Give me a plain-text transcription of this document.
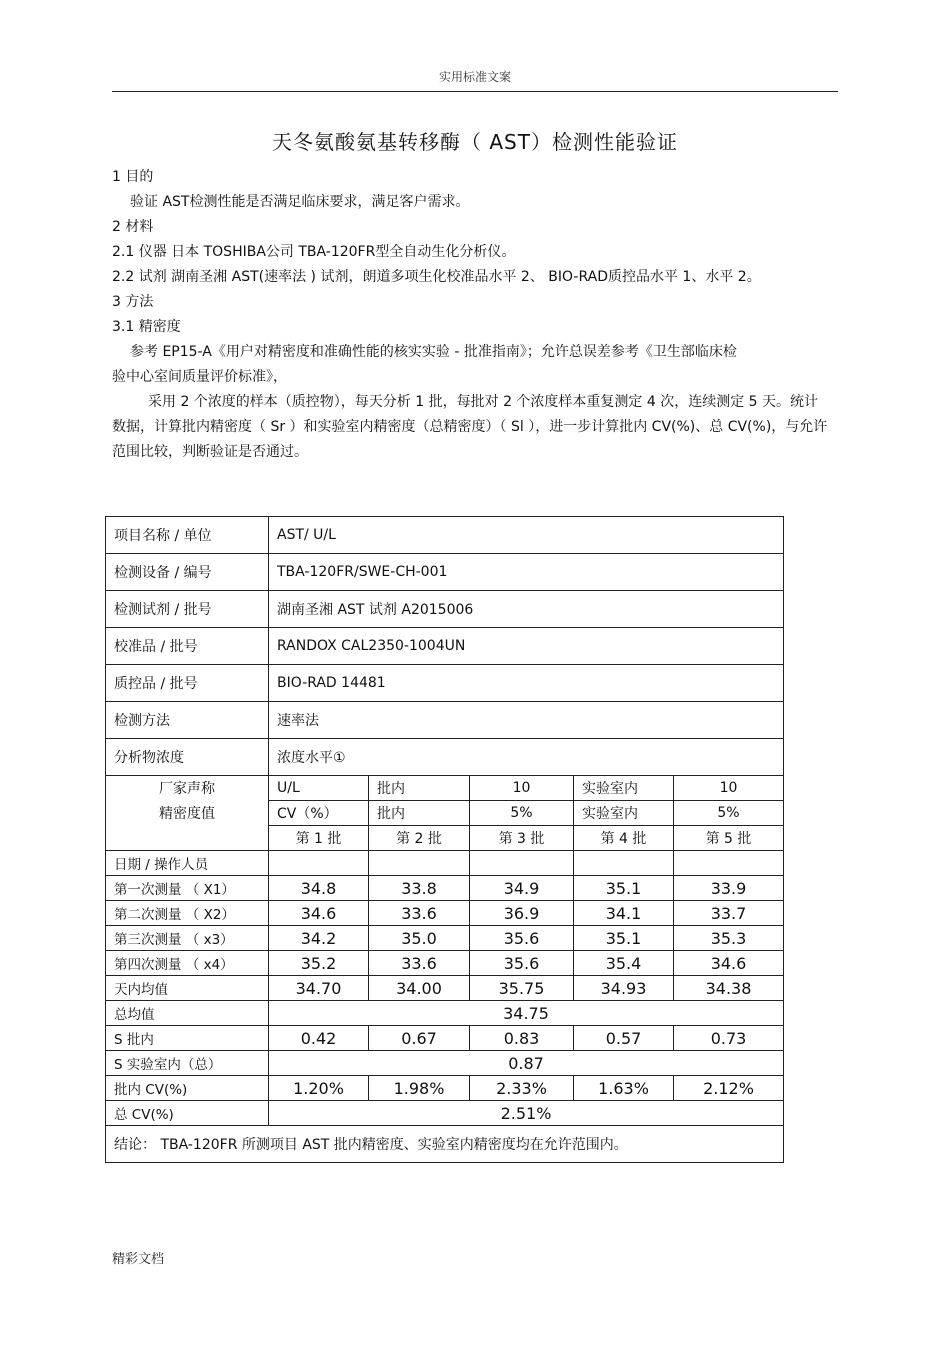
实用标准文案
天冬氨酸氨基转移酶（ AST）检测性能验证
1 目的
验证 AST检测性能是否满足临床要求，满足客户需求。
2 材料
2.1 仪器 日本 TOSHIBA公司 TBA-120FR型全自动生化分析仪。
2.2 试剂 湖南圣湘 AST(速率法 ) 试剂，朗道多项生化校准品水平 2、 BIO-RAD质控品水平 1、水平 2。
3 方法
3.1 精密度
参考 EP15-A《用户对精密度和准确性能的核实实验 - 批准指南》；允许总误差参考《卫生部临床检
验中心室间质量评价标准》，
采用 2 个浓度的样本（质控物），每天分析 1 批，每批对 2 个浓度样本重复测定 4 次，连续测定 5 天。统计数据，计算批内精密度（ Sr ）和实验室内精密度（总精密度）（ Sl ），进一步计算批内 CV(%)、总 CV(%)，与允许范围比较，判断验证是否通过。
项目名称 / 单位	AST/ U/L				
检测设备 / 编号	TBA-120FR/SWE-CH-001				
检测试剂 / 批号	湖南圣湘 AST 试剂 A2015006				
校准品 / 批号	RANDOX CAL2350-1004UN				
质控品 / 批号	BIO-RAD 14481				
检测方法	速率法				
分析物浓度	浓度水平①				
厂家声称	U/L	批内	10	实验室内	10
精密度值	CV（%）	批内	5%	实验室内	5%
	第 1 批	第 2 批	第 3 批	第 4 批	第 5 批
日期 / 操作人员					
第一次测量 （ X1）	34.8	33.8	34.9	35.1	33.9
第二次测量 （ X2）	34.6	33.6	36.9	34.1	33.7
第三次测量 （ x3）	34.2	35.0	35.6	35.1	35.3
第四次测量 （ x4）	35.2	33.6	35.6	35.4	34.6
天内均值	34.70	34.00	35.75	34.93	34.38
总均值	34.75				
S 批内	0.42	0.67	0.83	0.57	0.73
S 实验室内（总）	0.87				
批内 CV(%)	1.20%	1.98%	2.33%	1.63%	2.12%
总 CV(%)	2.51%				
结论： TBA-120FR 所测项目 AST 批内精密度、实验室内精密度均在允许范围内。					
精彩文档
